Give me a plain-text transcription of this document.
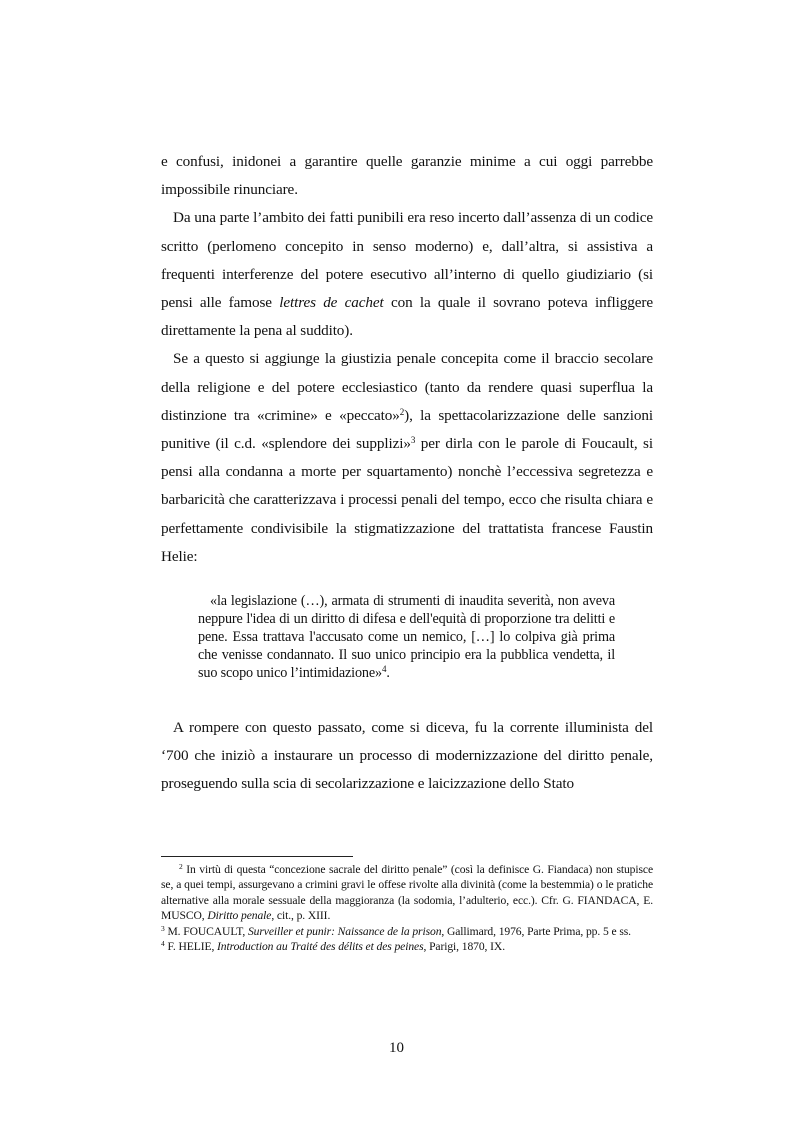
e confusi, inidonei a garantire quelle garanzie minime a cui oggi parrebbe impossibile rinunciare.

Da una parte l’ambito dei fatti punibili era reso incerto dall’assenza di un codice scritto (perlomeno concepito in senso moderno) e, dall’altra, si assistiva a frequenti interferenze del potere esecutivo all’interno di quello giudiziario (si pensi alle famose lettres de cachet con la quale il sovrano poteva infliggere direttamente la pena al suddito).

Se a questo si aggiunge la giustizia penale concepita come il braccio secolare della religione e del potere ecclesiastico (tanto da rendere quasi superflua la distinzione tra «crimine» e «peccato»$^2$), la spettacolarizzazione delle sanzioni punitive (il c.d. «splendore dei supplizi»$^3$ per dirla con le parole di Foucault, si pensi alla condanna a morte per squartamento) nonchè l’eccessiva segretezza e barbaricità che caratterizzava i processi penali del tempo, ecco che risulta chiara e perfettamente condivisibile la stigmatizzazione del trattatista francese Faustin Helie:

«la legislazione (…), armata di strumenti di inaudita severità, non aveva neppure l'idea di un diritto di difesa e dell'equità di proporzione tra delitti e pene. Essa trattava l'accusato come un nemico, […] lo colpiva già prima che venisse condannato. Il suo unico principio era la pubblica vendetta, il suo scopo unico l’intimidazione»$^4$.

A rompere con questo passato, come si diceva, fu la corrente illuminista del ‘700 che iniziò a instaurare un processo di modernizzazione del diritto penale, proseguendo sulla scia di secolarizzazione e laicizzazione dello Stato

$^2$ In virtù di questa “concezione sacrale del diritto penale” (così la definisce G. Fiandaca) non stupisce se, a quei tempi, assurgevano a crimini gravi le offese rivolte alla divinità (come la bestemmia) o le pratiche alternative alla morale sessuale della maggioranza (la sodomia, l’adulterio, ecc.). Cfr. G. FIANDACA, E. MUSCO, Diritto penale, cit., p. XIII.

$^3$ M. FOUCAULT, Surveiller et punir: Naissance de la prison, Gallimard, 1976, Parte Prima, pp. 5 e ss.

$^4$ F. HELIE, Introduction au Traité des délits et des peines, Parigi, 1870, IX.

10
